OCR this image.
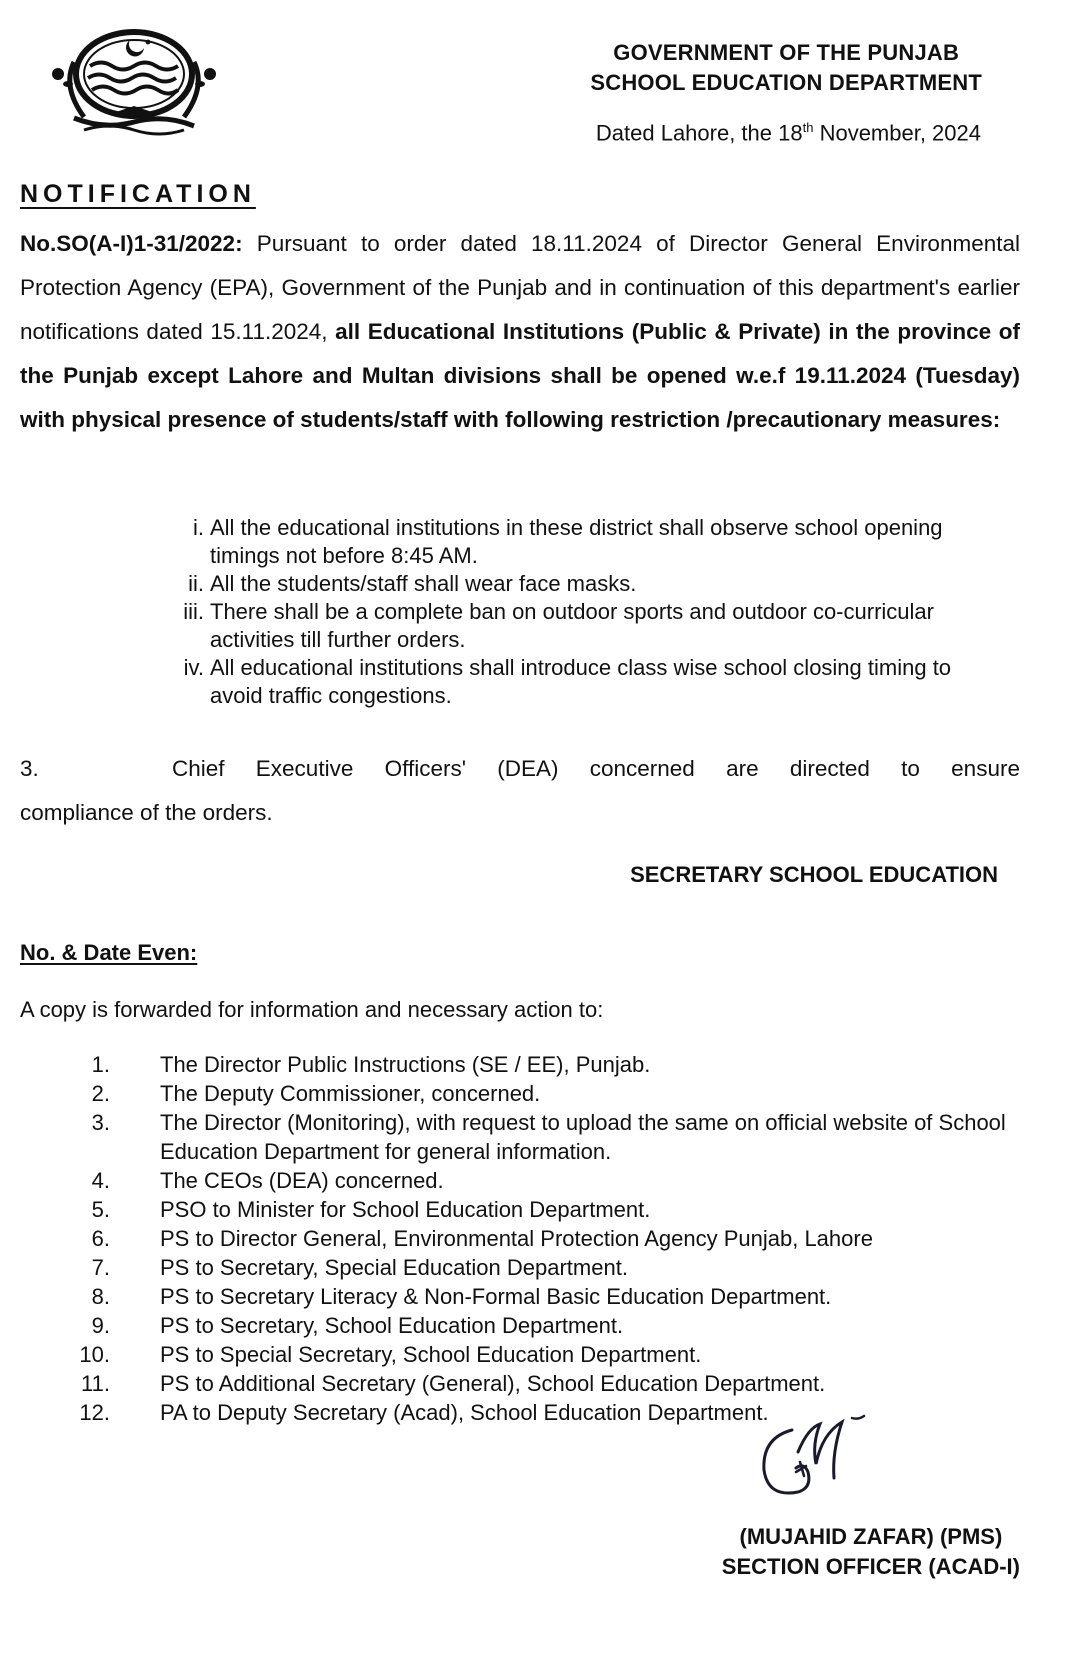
GOVERNMENT OF THE PUNJAB
SCHOOL EDUCATION DEPARTMENT
Dated Lahore, the 18th November, 2024
NOTIFICATION
No.SO(A-I)1-31/2022: Pursuant to order dated 18.11.2024 of Director General Environmental Protection Agency (EPA), Government of the Punjab and in continuation of this department's earlier notifications dated 15.11.2024, all Educational Institutions (Public & Private) in the province of the Punjab except Lahore and Multan divisions shall be opened w.e.f 19.11.2024 (Tuesday) with physical presence of students/staff with following restriction /precautionary measures:
i. All the educational institutions in these district shall observe school opening timings not before 8:45 AM.
ii. All the students/staff shall wear face masks.
iii. There shall be a complete ban on outdoor sports and outdoor co-curricular activities till further orders.
iv. All educational institutions shall introduce class wise school closing timing to avoid traffic congestions.
3.	Chief Executive Officers' (DEA) concerned are directed to ensure
compliance of the orders.
SECRETARY SCHOOL EDUCATION
No. & Date Even:
A copy is forwarded for information and necessary action to:
1.	The Director Public Instructions (SE / EE), Punjab.
2.	The Deputy Commissioner, concerned.
3.	The Director (Monitoring), with request to upload the same on official website of School Education Department for general information.
4.	The CEOs (DEA) concerned.
5.	PSO to Minister for School Education Department.
6.	PS to Director General, Environmental Protection Agency Punjab, Lahore
7.	PS to Secretary, Special Education Department.
8.	PS to Secretary Literacy & Non-Formal Basic Education Department.
9.	PS to Secretary, School Education Department.
10.	PS to Special Secretary, School Education Department.
11.	PS to Additional Secretary (General), School Education Department.
12.	PA to Deputy Secretary (Acad), School Education Department.
(MUJAHID ZAFAR) (PMS)
SECTION OFFICER (ACAD-I)
